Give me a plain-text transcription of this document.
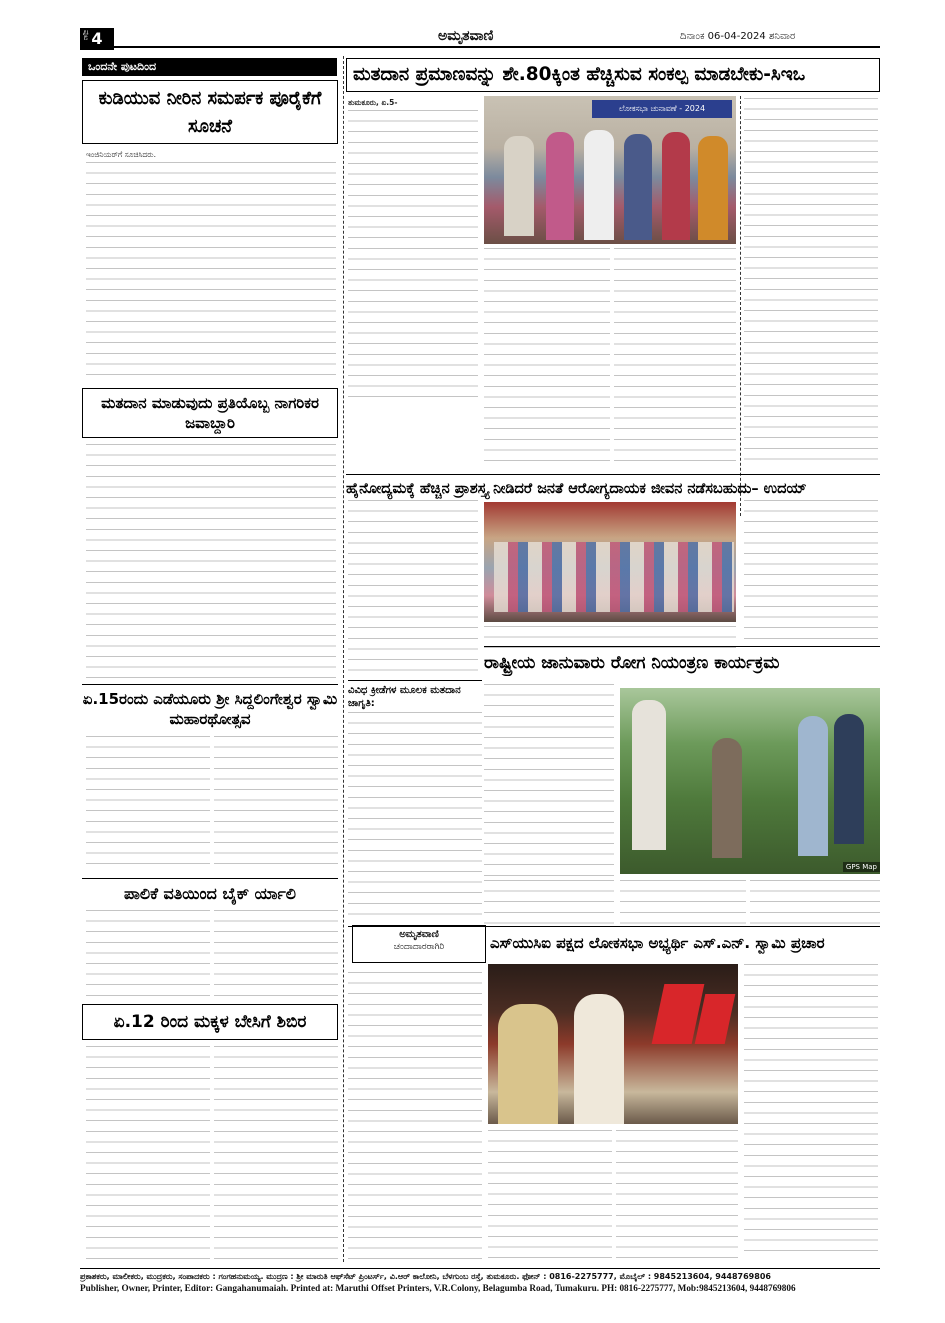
4
ಪುಟ	ಅಮೃತವಾಣಿ	ದಿನಾಂಕ 06-04-2024 ಶನಿವಾರ
ಒಂದನೇ ಪುಟದಿಂದ
ಕುಡಿಯುವ ನೀರಿನ ಸಮರ್ಪಕ ಪೂರೈಕೆಗೆ ಸೂಚನೆ
ಇಂಜಿನಿಯರ್‌ಗೆ ಸೂಚಿಸಿದರು.
ಮತದಾನ ಮಾಡುವುದು ಪ್ರತಿಯೊಬ್ಬ ನಾಗರಿಕರ ಜವಾಬ್ದಾರಿ
ಏ.15ರಂದು ಎಡೆಯೂರು ಶ್ರೀ ಸಿದ್ದಲಿಂಗೇಶ್ವರ ಸ್ವಾಮಿ ಮಹಾರಥೋತ್ಸವ
ಪಾಲಿಕೆ ವತಿಯಿಂದ ಬೈಕ್ ರ್ಯಾಲಿ
ಏ.12 ರಿಂದ ಮಕ್ಕಳ ಬೇಸಿಗೆ ಶಿಬಿರ
ಮತದಾನ ಪ್ರಮಾಣವನ್ನು ಶೇ.80ಕ್ಕಿಂತ ಹೆಚ್ಚಿಸುವ ಸಂಕಲ್ಪ ಮಾಡಬೇಕು-ಸಿಇಒ
ತುಮಕೂರು, ಏ.5-
ಲೋಕಸಭಾ ಚುನಾವಣೆ - 2024
ಹೈನೋದ್ಯಮಕ್ಕೆ ಹೆಚ್ಚಿನ ಪ್ರಾಶಸ್ತ್ಯ ನೀಡಿದರೆ ಜನತೆ ಆರೋಗ್ಯದಾಯಕ ಜೀವನ ನಡೆಸಬಹುದು– ಉದಯ್
ವಿವಿಧ ಕ್ರೀಡೆಗಳ ಮೂಲಕ ಮತದಾನ ಜಾಗೃತಿ:
ಅಮೃತವಾಣಿ
ಚಂದಾದಾರರಾಗಿರಿ
ರಾಷ್ಟ್ರೀಯ ಜಾನುವಾರು ರೋಗ ನಿಯಂತ್ರಣ ಕಾರ್ಯಕ್ರಮ
GPS Map
ಎಸ್‌ಯುಸಿಐ ಪಕ್ಷದ ಲೋಕಸಭಾ ಅಭ್ಯರ್ಥಿ ಎಸ್.ಎನ್. ಸ್ವಾಮಿ ಪ್ರಚಾರ
ಪ್ರಕಾಶಕರು, ಮಾಲೀಕರು, ಮುದ್ರಕರು, ಸಂಪಾದಕರು : ಗಂಗಹನುಮಯ್ಯ. ಮುದ್ರಣ : ಶ್ರೀ ಮಾರುತಿ ಆಫ್‌ಸೆಟ್ ಪ್ರಿಂಟರ್ಸ್, ವಿ.ಆರ್ ಕಾಲೋನಿ, ಬೆಳಗುಂಬ ರಸ್ತೆ, ತುಮಕೂರು. ಫೋನ್ : 0816-2275777, ಮೊಬೈಲ್ : 9845213604, 9448769806
Publisher, Owner, Printer, Editor: Gangahanumaiah. Printed at: Maruthi Offset Printers, V.R.Colony, Belagumba Road, Tumakuru. PH: 0816-2275777, Mob:9845213604, 9448769806
